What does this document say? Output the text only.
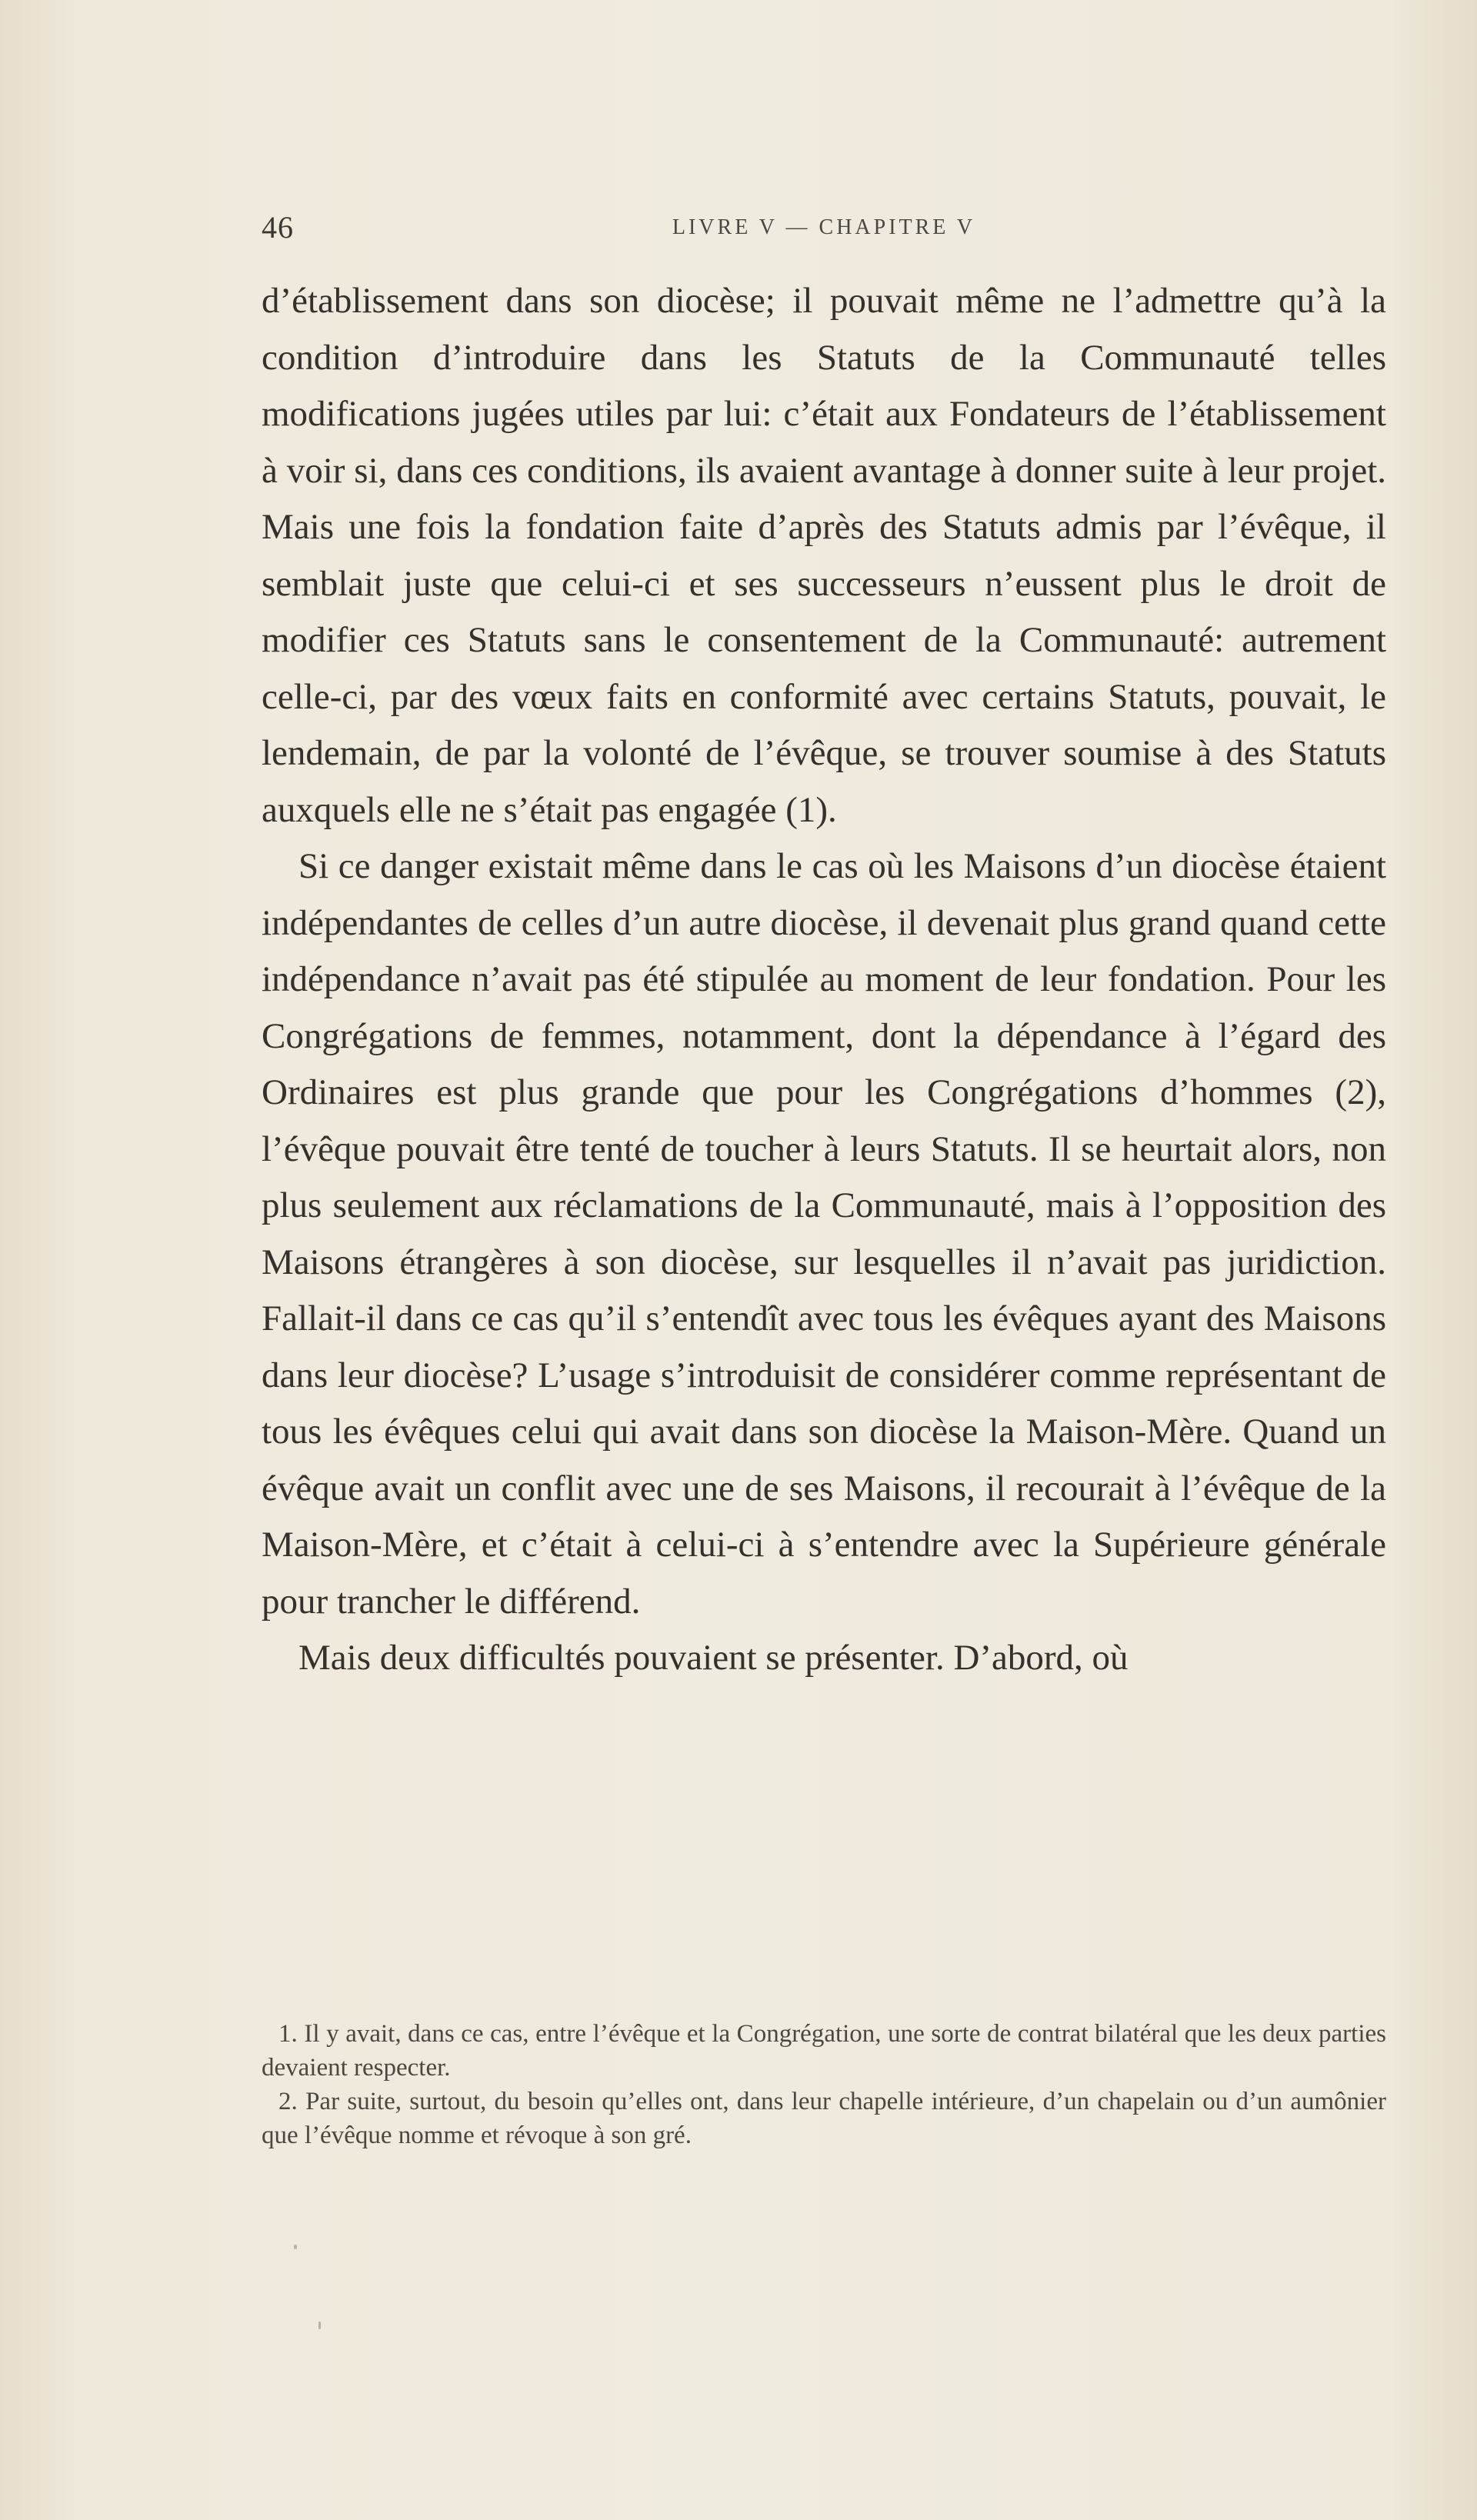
46	LIVRE V — CHAPITRE V

d’établissement dans son diocèse; il pouvait même ne l’admettre qu’à la condition d’introduire dans les Statuts de la Communauté telles modifications jugées utiles par lui: c’était aux Fondateurs de l’établissement à voir si, dans ces conditions, ils avaient avantage à donner suite à leur projet. Mais une fois la fondation faite d’après des Statuts admis par l’évêque, il semblait juste que celui-ci et ses successeurs n’eussent plus le droit de modifier ces Statuts sans le consentement de la Communauté: autrement celle-ci, par des vœux faits en conformité avec certains Statuts, pouvait, le lendemain, de par la volonté de l’évêque, se trouver soumise à des Statuts auxquels elle ne s’était pas engagée (1).

Si ce danger existait même dans le cas où les Maisons d’un diocèse étaient indépendantes de celles d’un autre diocèse, il devenait plus grand quand cette indépendance n’avait pas été stipulée au moment de leur fondation. Pour les Congrégations de femmes, notamment, dont la dépendance à l’égard des Ordinaires est plus grande que pour les Congrégations d’hommes (2), l’évêque pouvait être tenté de toucher à leurs Statuts. Il se heurtait alors, non plus seulement aux réclamations de la Communauté, mais à l’opposition des Maisons étrangères à son diocèse, sur lesquelles il n’avait pas juridiction. Fallait-il dans ce cas qu’il s’entendît avec tous les évêques ayant des Maisons dans leur diocèse? L’usage s’introduisit de considérer comme représentant de tous les évêques celui qui avait dans son diocèse la Maison-Mère. Quand un évêque avait un conflit avec une de ses Maisons, il recourait à l’évêque de la Maison-Mère, et c’était à celui-ci à s’entendre avec la Supérieure générale pour trancher le différend.

Mais deux difficultés pouvaient se présenter. D’abord, où

1. Il y avait, dans ce cas, entre l’évêque et la Congrégation, une sorte de contrat bilatéral que les deux parties devaient respecter.

2. Par suite, surtout, du besoin qu’elles ont, dans leur chapelle intérieure, d’un chapelain ou d’un aumônier que l’évêque nomme et révoque à son gré.
